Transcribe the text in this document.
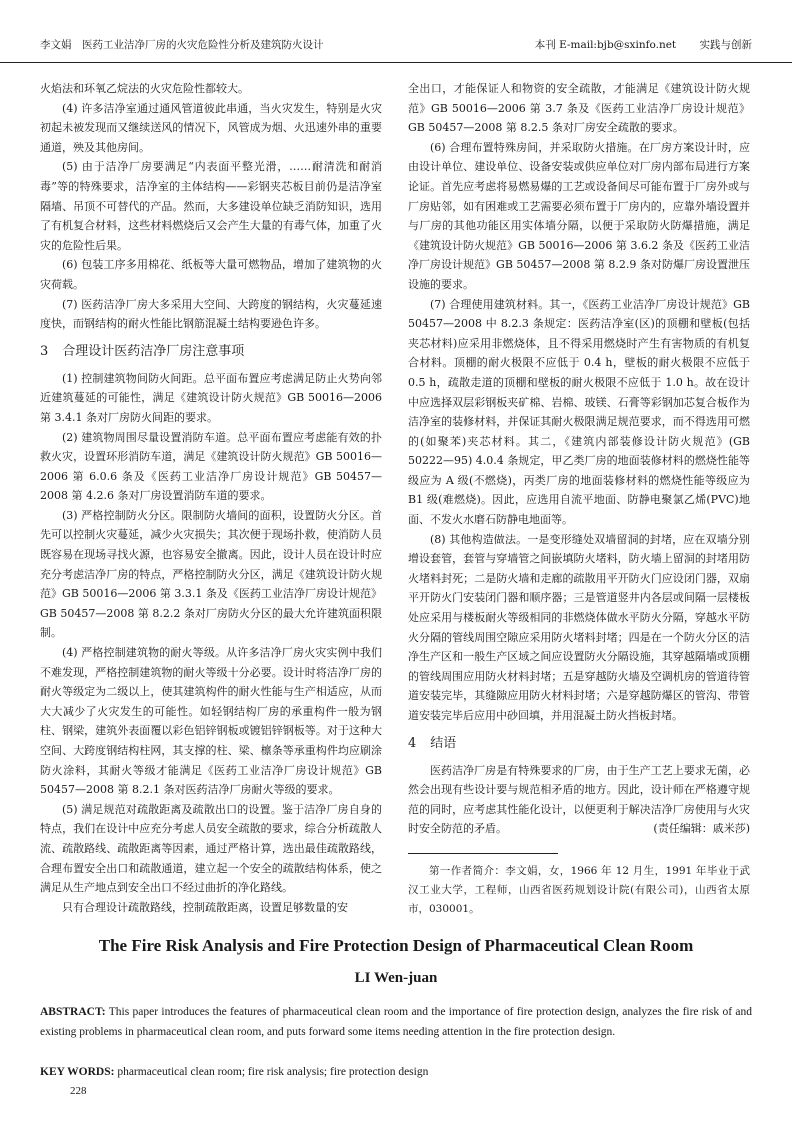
李文娟　医药工业洁净厂房的火灾危险性分析及建筑防火设计	本刊 E-mail:bjb@sxinfo.net 实践与创新

火焰法和环氧乙烷法的火灾危险性都较大。

(4) 许多洁净室通过通风管道彼此串通，当火灾发生，特别是火灾初起未被发现而又继续送风的情况下，风管成为烟、火迅速外串的重要通道，殃及其他房间。

(5) 由于洁净厂房要满足“内表面平整光滑，……耐清洗和耐消毒”等的特殊要求，洁净室的主体结构——彩钢夹芯板目前仍是洁净室隔墙、吊顶不可替代的产品。然而，大多建设单位缺乏消防知识，选用了有机复合材料，这些材料燃烧后又会产生大量的有毒气体，加重了火灾的危险性后果。

(6) 包装工序多用棉花、纸板等大量可燃物品，增加了建筑物的火灾荷载。

(7) 医药洁净厂房大多采用大空间、大跨度的钢结构，火灾蔓延速度快，而钢结构的耐火性能比钢筋混凝土结构要逊色许多。

3 合理设计医药洁净厂房注意事项

(1) 控制建筑物间防火间距。总平面布置应考虑满足防止火势向邻近建筑蔓延的可能性，满足《建筑设计防火规范》GB 50016—2006 第 3.4.1 条对厂房防火间距的要求。

(2) 建筑物周围尽量设置消防车道。总平面布置应考虑能有效的扑救火灾，设置环形消防车道，满足《建筑设计防火规范》GB 50016—2006 第 6.0.6 条及《医药工业洁净厂房设计规范》GB 50457—2008 第 4.2.6 条对厂房设置消防车道的要求。

(3) 严格控制防火分区。限制防火墙间的面积，设置防火分区。首先可以控制火灾蔓延，减少火灾损失；其次便于现场扑救，使消防人员既容易在现场寻找火源，也容易安全撤离。因此，设计人员在设计时应充分考虑洁净厂房的特点，严格控制防火分区，满足《建筑设计防火规范》GB 50016—2006 第 3.3.1 条及《医药工业洁净厂房设计规范》GB 50457—2008 第 8.2.2 条对厂房防火分区的最大允许建筑面积限制。

(4) 严格控制建筑物的耐火等级。从许多洁净厂房火灾实例中我们不难发现，严格控制建筑物的耐火等级十分必要。设计时将洁净厂房的耐火等级定为二级以上，使其建筑构件的耐火性能与生产相适应，从而大大减少了火灾发生的可能性。如轻钢结构厂房的承重构件一般为钢柱、钢梁，建筑外表面覆以彩色铝锌钢板或镀铝锌钢板等。对于这种大空间、大跨度钢结构柱网，其支撑的柱、梁、檩条等承重构件均应刷涂防火涂料，其耐火等级才能满足《医药工业洁净厂房设计规范》GB 50457—2008 第 8.2.1 条对医药洁净厂房耐火等级的要求。

(5) 满足规范对疏散距离及疏散出口的设置。鉴于洁净厂房自身的特点，我们在设计中应充分考虑人员安全疏散的要求，综合分析疏散人流、疏散路线、疏散距离等因素，通过严格计算，选出最佳疏散路线，合理布置安全出口和疏散通道，建立起一个安全的疏散结构体系，使之满足从生产地点到安全出口不经过曲折的净化路线。

只有合理设计疏散路线，控制疏散距离，设置足够数量的安

全出口，才能保证人和物资的安全疏散，才能满足《建筑设计防火规范》GB 50016—2006 第 3.7 条及《医药工业洁净厂房设计规范》GB 50457—2008 第 8.2.5 条对厂房安全疏散的要求。

(6) 合理布置特殊房间，并采取防火措施。在厂房方案设计时，应由设计单位、建设单位、设备安装或供应单位对厂房内部布局进行方案论证。首先应考虑将易燃易爆的工艺或设备间尽可能布置于厂房外或与厂房贴邻，如有困难或工艺需要必须布置于厂房内的，应靠外墙设置并与厂房的其他功能区用实体墙分隔，以便于采取防火防爆措施，满足《建筑设计防火规范》GB 50016—2006 第 3.6.2 条及《医药工业洁净厂房设计规范》GB 50457—2008 第 8.2.9 条对防爆厂房设置泄压设施的要求。

(7) 合理使用建筑材料。其一，《医药工业洁净厂房设计规范》GB 50457—2008 中 8.2.3 条规定：医药洁净室(区)的顶棚和壁板(包括夹芯材料)应采用非燃烧体，且不得采用燃烧时产生有害物质的有机复合材料。顶棚的耐火极限不应低于 0.4 h，壁板的耐火极限不应低于 0.5 h，疏散走道的顶棚和壁板的耐火极限不应低于 1.0 h。故在设计中应选择双层彩钢板夹矿棉、岩棉、玻镁、石膏等彩钢加芯复合板作为洁净室的装修材料，并保证其耐火极限满足规范要求，而不得选用可燃的(如聚苯)夹芯材料。其二，《建筑内部装修设计防火规范》(GB 50222—95) 4.0.4 条规定，甲乙类厂房的地面装修材料的燃烧性能等级应为 A 级(不燃烧)，丙类厂房的地面装修材料的燃烧性能等级应为 B1 级(难燃烧)。因此，应选用自流平地面、防静电聚氯乙烯(PVC)地面、不发火水磨石防静电地面等。

(8) 其他构造做法。一是变形缝处双墙留洞的封堵，应在双墙分别增设套管，套管与穿墙管之间嵌填防火堵料，防火墙上留洞的封堵用防火堵料封死；二是防火墙和走廊的疏散用平开防火门应设闭门器，双扇平开防火门安装闭门器和顺序器；三是管道竖井内各层或间隔一层楼板处应采用与楼板耐火等级相同的非燃烧体做水平防火分隔，穿越水平防火分隔的管线周围空隙应采用防火堵料封堵；四是在一个防火分区的洁净生产区和一般生产区域之间应设置防火分隔设施，其穿越隔墙或顶棚的管线周围应用防火材料封堵；五是穿越防火墙及空调机房的管道待管道安装完毕，其缝隙应用防火材料封堵；六是穿越防爆区的管沟、带管道安装完毕后应用中砂回填，并用混凝土防火挡板封堵。

4 结语

医药洁净厂房是有特殊要求的厂房，由于生产工艺上要求无菌，必然会出现有些设计要与规范相矛盾的地方。因此，设计师在严格遵守规范的同时，应考虑其性能化设计，以便更利于解决洁净厂房使用与火灾时安全防范的矛盾。	(责任编辑：戚米莎)

第一作者简介：李文娟，女，1966 年 12 月生，1991 年毕业于武汉工业大学，工程师，山西省医药规划设计院(有限公司)，山西省太原市，030001。

The Fire Risk Analysis and Fire Protection Design of Pharmaceutical Clean Room
LI Wen-juan
ABSTRACT: This paper introduces the features of pharmaceutical clean room and the importance of fire protection design, analyzes the fire risk of and existing problems in pharmaceutical clean room, and puts forward some items needing attention in the fire protection design.
KEY WORDS: pharmaceutical clean room; fire risk analysis; fire protection design
228
